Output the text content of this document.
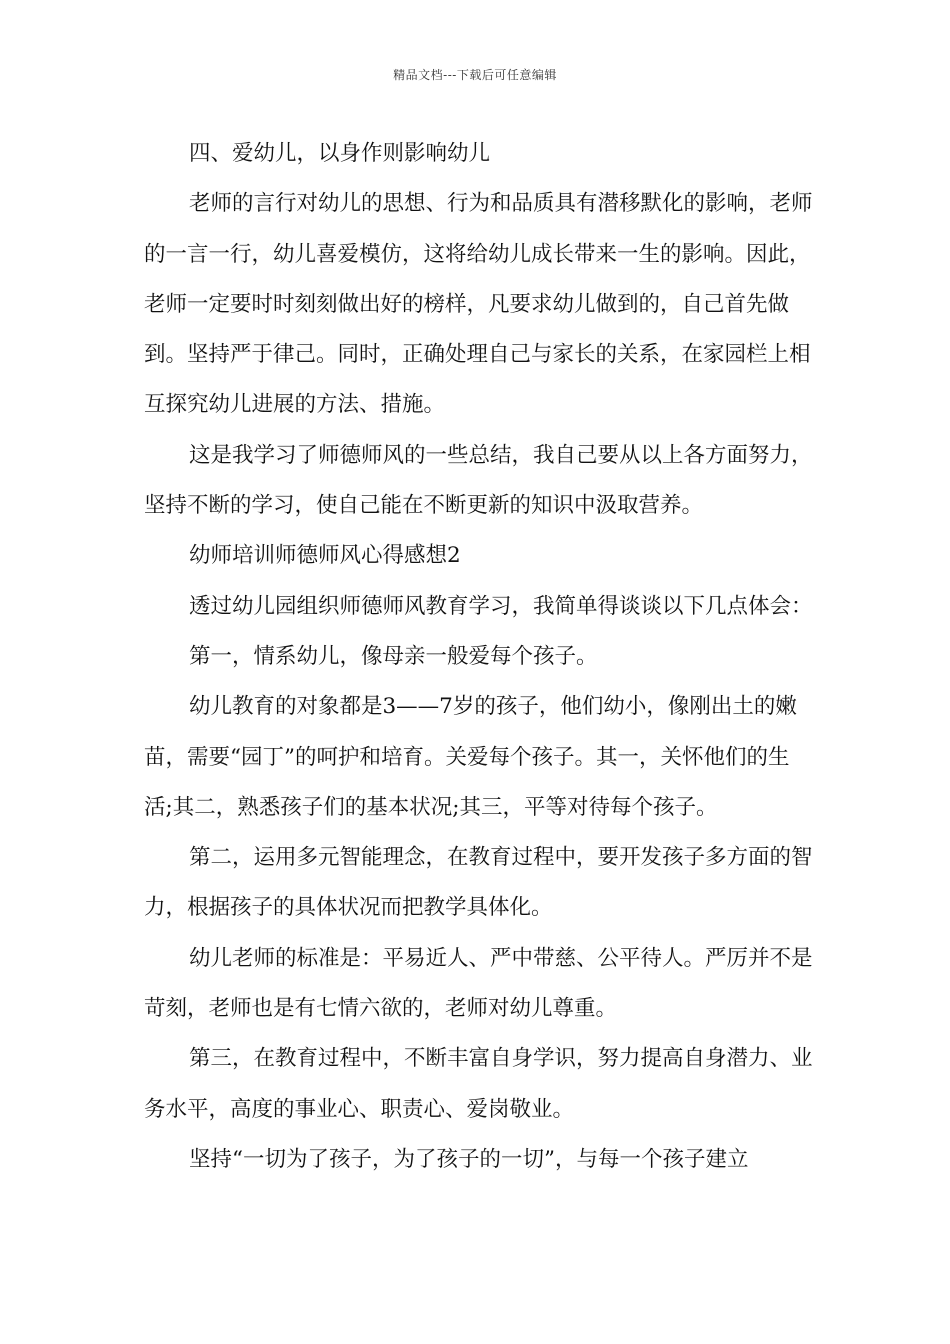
精品文档---下载后可任意编辑

四、爱幼儿，以身作则影响幼儿

老师的言行对幼儿的思想、行为和品质具有潜移默化的影响，老师的一言一行，幼儿喜爱模仿，这将给幼儿成长带来一生的影响。因此，老师一定要时时刻刻做出好的榜样，凡要求幼儿做到的，自己首先做到。坚持严于律己。同时，正确处理自己与家长的关系，在家园栏上相互探究幼儿进展的方法、措施。

这是我学习了师德师风的一些总结，我自己要从以上各方面努力，坚持不断的学习，使自己能在不断更新的知识中汲取营养。

幼师培训师德师风心得感想2

透过幼儿园组织师德师风教育学习，我简单得谈谈以下几点体会：

第一，情系幼儿，像母亲一般爱每个孩子。

幼儿教育的对象都是3——7岁的孩子，他们幼小，像刚出土的嫩苗，需要“园丁”的呵护和培育。关爱每个孩子。其一，关怀他们的生活;其二，熟悉孩子们的基本状况;其三，平等对待每个孩子。

第二，运用多元智能理念，在教育过程中，要开发孩子多方面的智力，根据孩子的具体状况而把教学具体化。

幼儿老师的标准是：平易近人、严中带慈、公平待人。严厉并不是苛刻，老师也是有七情六欲的，老师对幼儿尊重。

第三，在教育过程中，不断丰富自身学识，努力提高自身潜力、业务水平，高度的事业心、职责心、爱岗敬业。

坚持“一切为了孩子，为了孩子的一切”，与每一个孩子建立
